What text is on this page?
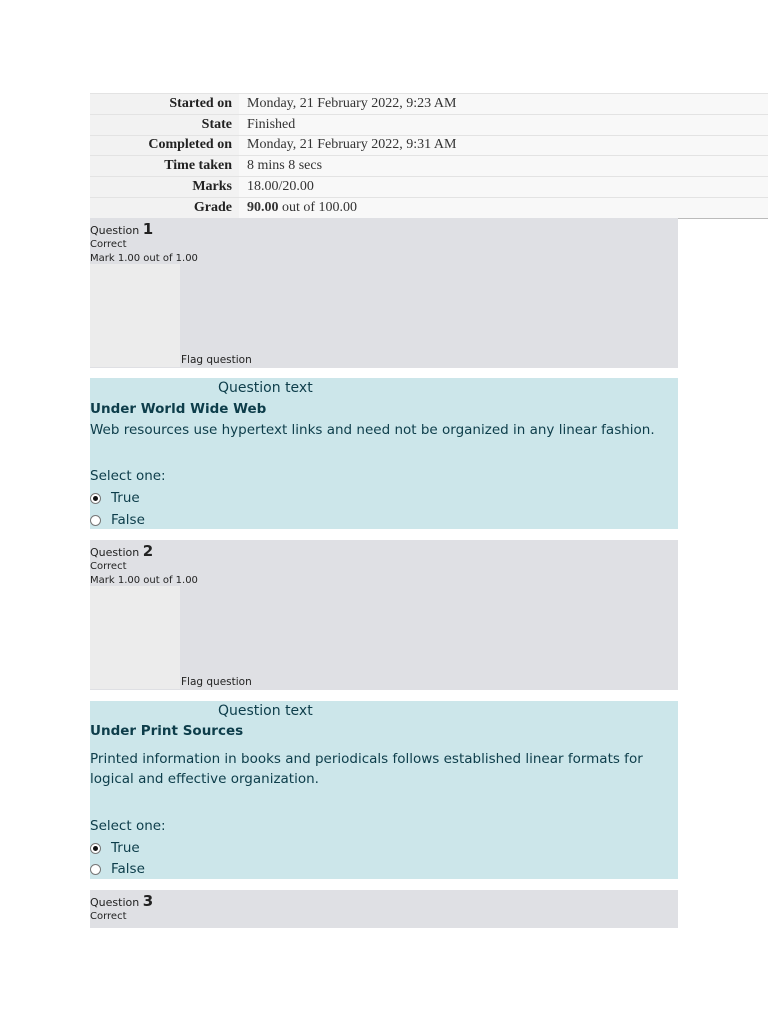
Started on	Monday, 21 February 2022, 9:23 AM
State	Finished
Completed on	Monday, 21 February 2022, 9:31 AM
Time taken	8 mins 8 secs
Marks	18.00/20.00
Grade	90.00 out of 100.00
Question 1
Correct
Mark 1.00 out of 1.00
Flag question
Question text
Under World Wide Web
Web resources use hypertext links and need not be organized in any linear fashion.
Select one:
True
False
Question 2
Correct
Mark 1.00 out of 1.00
Flag question
Question text
Under Print Sources
Printed information in books and periodicals follows established linear formats for logical and effective organization.
Select one:
True
False
Question 3
Correct
